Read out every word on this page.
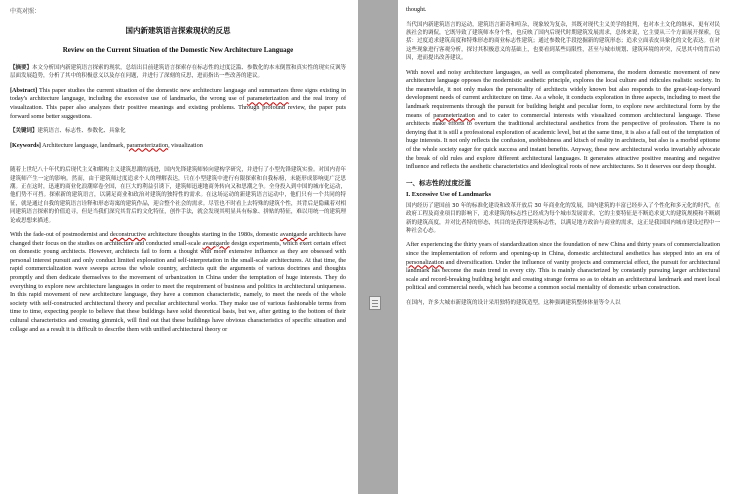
中英对照：
国内新建筑语言探索现状的反思
Review on the Current Situation of the Domestic New Architecture Language

【摘要】本文分析国内新建筑语言探索的现状，总结出目前建筑语言探索存在标志性的过度泛滥、参数化的本末倒置和真实性的现实反讽等层面发展趋势，分析了其中的积极意义以及存在问题，并进行了深刻的反思，进而指出一些改善的建议。

[Abstract] This paper studies the current situation of the domestic new architecture language and summarizes three signs existing in today's architecture language, including the excessive use of landmarks, the wrong use of parameterization and the real irony of visualization. This paper also analyzes their positive meanings and existing problems. Through profound review, the paper puts forward some better suggestions.

【关键词】建筑语言、标志性、参数化、具象化

[Keywords] Architecture language, landmark, parameterization, visualization

随着上世纪八十年代的后现代主义和解构主义建筑思潮的涌进，国内先锋建筑师转向建构学研究，并进行了小型先锋建筑实验。对国内青年建筑师产生一定的影响。然而，由于建筑师过度追求个人的理解表达，只在小型建筑中进行有限探索和自我标榜，未能形成影响更广泛思潮。正在这时，迅速的商业化浪潮席卷全国，在巨大的利益引诱下，建筑师迅速地商务转向又和思潮之争。全身投入到中国的城市化运动，他们势不可挡。探索新的建筑语言，以满足商业和政治对建筑的独特性的需求。在这场运动的新建筑语言运动中，他们只有一个共同的特征，就是通过自我的建筑语言诠释和形态寄寓的建筑作品，迎合整个社会的需求。尽管也不时看上去特殊的建筑个性，其背后是隐藏着对相同建筑语言探索的价值追寻，但是当我们深究其背后的文化特征，创作手法，就会发现其明显具有标象、拼贴的特征，难以用统一的建筑理论或思想来描述。

With the fade-out of postmodernist and deconstructive architecture thoughts starting in the 1980s, domestic avantgarde architects have changed their focus on the studies on architecture and conducted small-scale avantgarde design experiments, which exert certain effect on domestic young architects. However, architects fail to form a thought with more extensive influence as they are obsessed with personal interest pursuit and only conduct limited exploration and self-interpretation in the small-scale architectures. At that time, the rapid commercialization wave sweeps across the whole country, architects quit the arguments of various doctrines and thoughts promptly and then dedicate themselves to the movement of urbanization in China under the temptation of huge interests. They do everything to explore new architecture languages in order to meet the requirement of business and politics in architectural uniqueness. In this rapid movement of new architecture language, they have a common characteristic, namely, to meet the needs of the whole society with self-constructed architectural theory and peculiar architectural works. They make use of various fashionable terms from time to time, expecting people to believe that these buildings have solid theoretical basis, but we, after getting to the bottom of their cultural characteristics and creating gimmick, will find out that these buildings have obvious characteristics of specific situation and collage and as a result it is difficult to describe them with unified architectural theory or

thought.

当代国内新建筑语言的运动，建筑语言新奇和喧杂，现象较为复杂，其既对现代主义美学的批判，也对本土文化的继承，更有对民族社会的调侃，它既导致了建筑师本身个性，也反映了国内后现代时期建筑发展需求，总体来说，它主要从三个方面展开探索，包括：过度追求建筑高度和特殊形态的商业标志性建筑；通过参数化手段挖掘新的建筑形态；追求立面表皮具象化的文化表达。在对这些现象进行客观分析，探讨其积极意义的基础上，也要看到某些局限性，甚至与城市规划、建筑环境的冲突，反思其中的背后动因，进而提出改善建议。

With novel and noisy architecture languages, as well as complicated phenomena, the modern domestic movement of new architecture language opposes the modernistic aesthetic principle, explores the local culture and ridicules realistic society. In the meanwhile, it not only makes the personality of architects widely known but also responds to the great-leap-forward development needs of current architecture on time. As a whole, it conducts exploration in three aspects, including to meet the landmark requirements through the pursuit for building height and peculiar form, to explore new architectural form by the means of parameterization and to cater to commercial interests with visualized common architectural language. These architects make efforts to overturn the traditional architectural aesthetics from the perspective of profession. There is no denying that it is still a professional exploration of academic level, but at the same time, it is also a fall out of the temptation of huge interests. It not only reflects the confusion, snobbishness and kitsch of reality in architects, but also is a morbid epitome of the whole society eager for quick success and instant benefits. Anyway, these new architectural works invariably advocate the break of old rules and explore different architectural languages. It generates attractive positive meaning and negative influence and reflects the aesthetic characteristics and ideological roots of new architectures. So it deserves our deep thought.

一、标志性的过度泛滥
I. Excessive Use of Landmarks

国内经历了建国前 30 年的标准化建设和改革开放后 30 年商业化的发展，国内建筑的丰富已经步入了个性化和多元化的时代，在政府工程及商业项目的影响下，追求建筑的标志性已经成为每个城市发展需求。它的主要特征是不断追求更大的建筑规模和不断刷新的建筑高度，并对比者特的形态，其目的是获得建筑标志性，以满足地方政治与商业的需求，这正是我国国内城市建设过程中一种社会心态。

After experiencing the thirty years of standardization since the foundation of new China and thirty years of commercialization since the implementation of reform and opening-up in China, domestic architectural aesthetics has stepped into an era of personalization and diversification. Under the influence of vanity projects and commercial effect, the pursuit for architectural landmark has become the main trend in every city. This is mainly characterized by constantly pursuing larger architectural scale and record-breaking building height and creating strange forms so as to obtain an architectural landmark and meet local political and commercial needs, which has become a common social mentality of domestic urban construction.

在国内，许多大城市新建筑的设计采用独特的建筑造型，这种强调建筑整体体量等令人以
